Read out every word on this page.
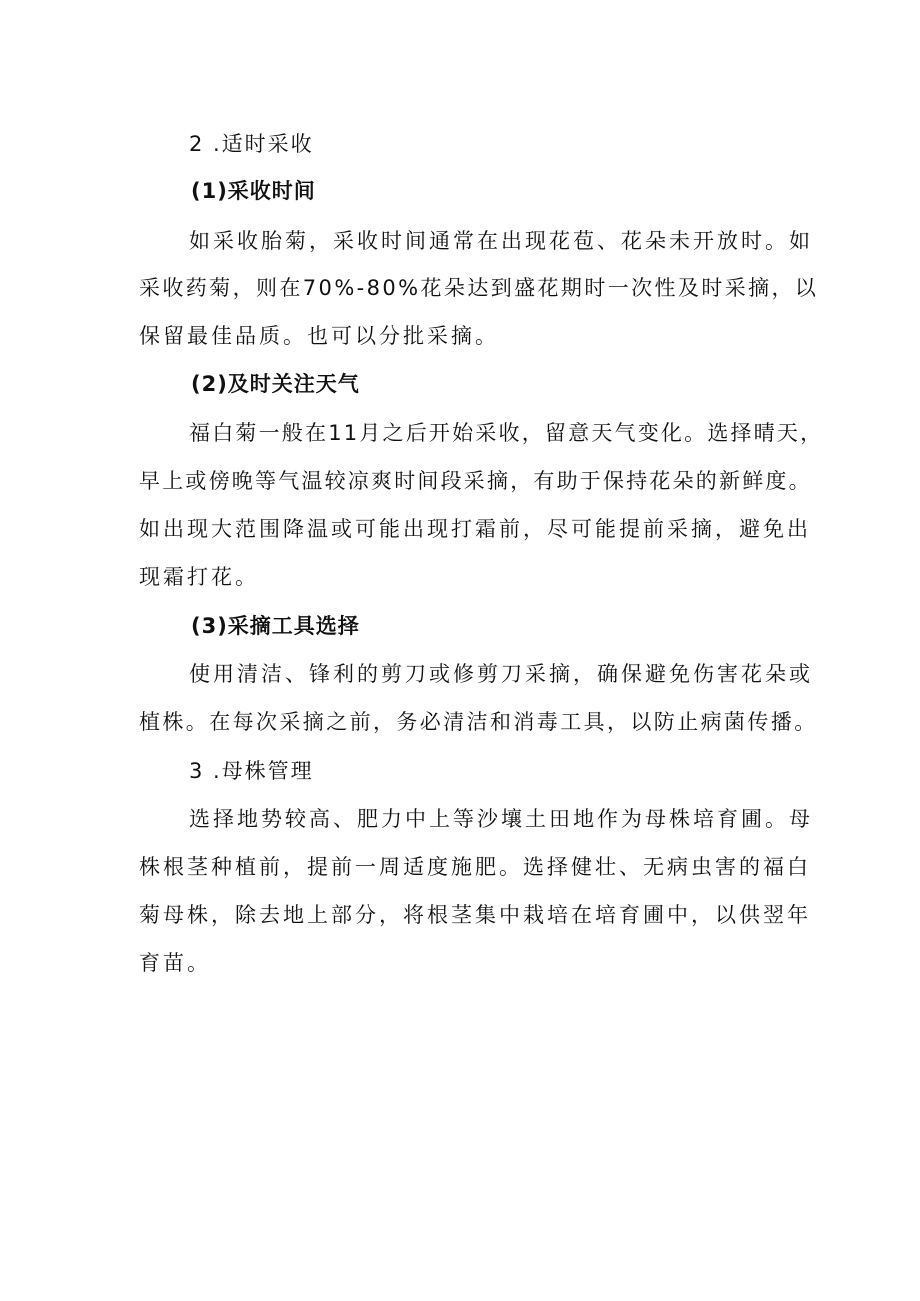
2 .适时采收
(1)采收时间
如采收胎菊，采收时间通常在出现花苞、花朵未开放时。如
采收药菊，则在70%-80%花朵达到盛花期时一次性及时采摘，以
保留最佳品质。也可以分批采摘。
(2)及时关注天气
福白菊一般在11月之后开始采收，留意天气变化。选择晴天，
早上或傍晚等气温较凉爽时间段采摘，有助于保持花朵的新鲜度。
如出现大范围降温或可能出现打霜前，尽可能提前采摘，避免出
现霜打花。
(3)采摘工具选择
使用清洁、锋利的剪刀或修剪刀采摘，确保避免伤害花朵或
植株。在每次采摘之前，务必清洁和消毒工具，以防止病菌传播。
3 .母株管理
选择地势较高、肥力中上等沙壤土田地作为母株培育圃。母
株根茎种植前，提前一周适度施肥。选择健壮、无病虫害的福白
菊母株，除去地上部分，将根茎集中栽培在培育圃中，以供翌年
育苗。
